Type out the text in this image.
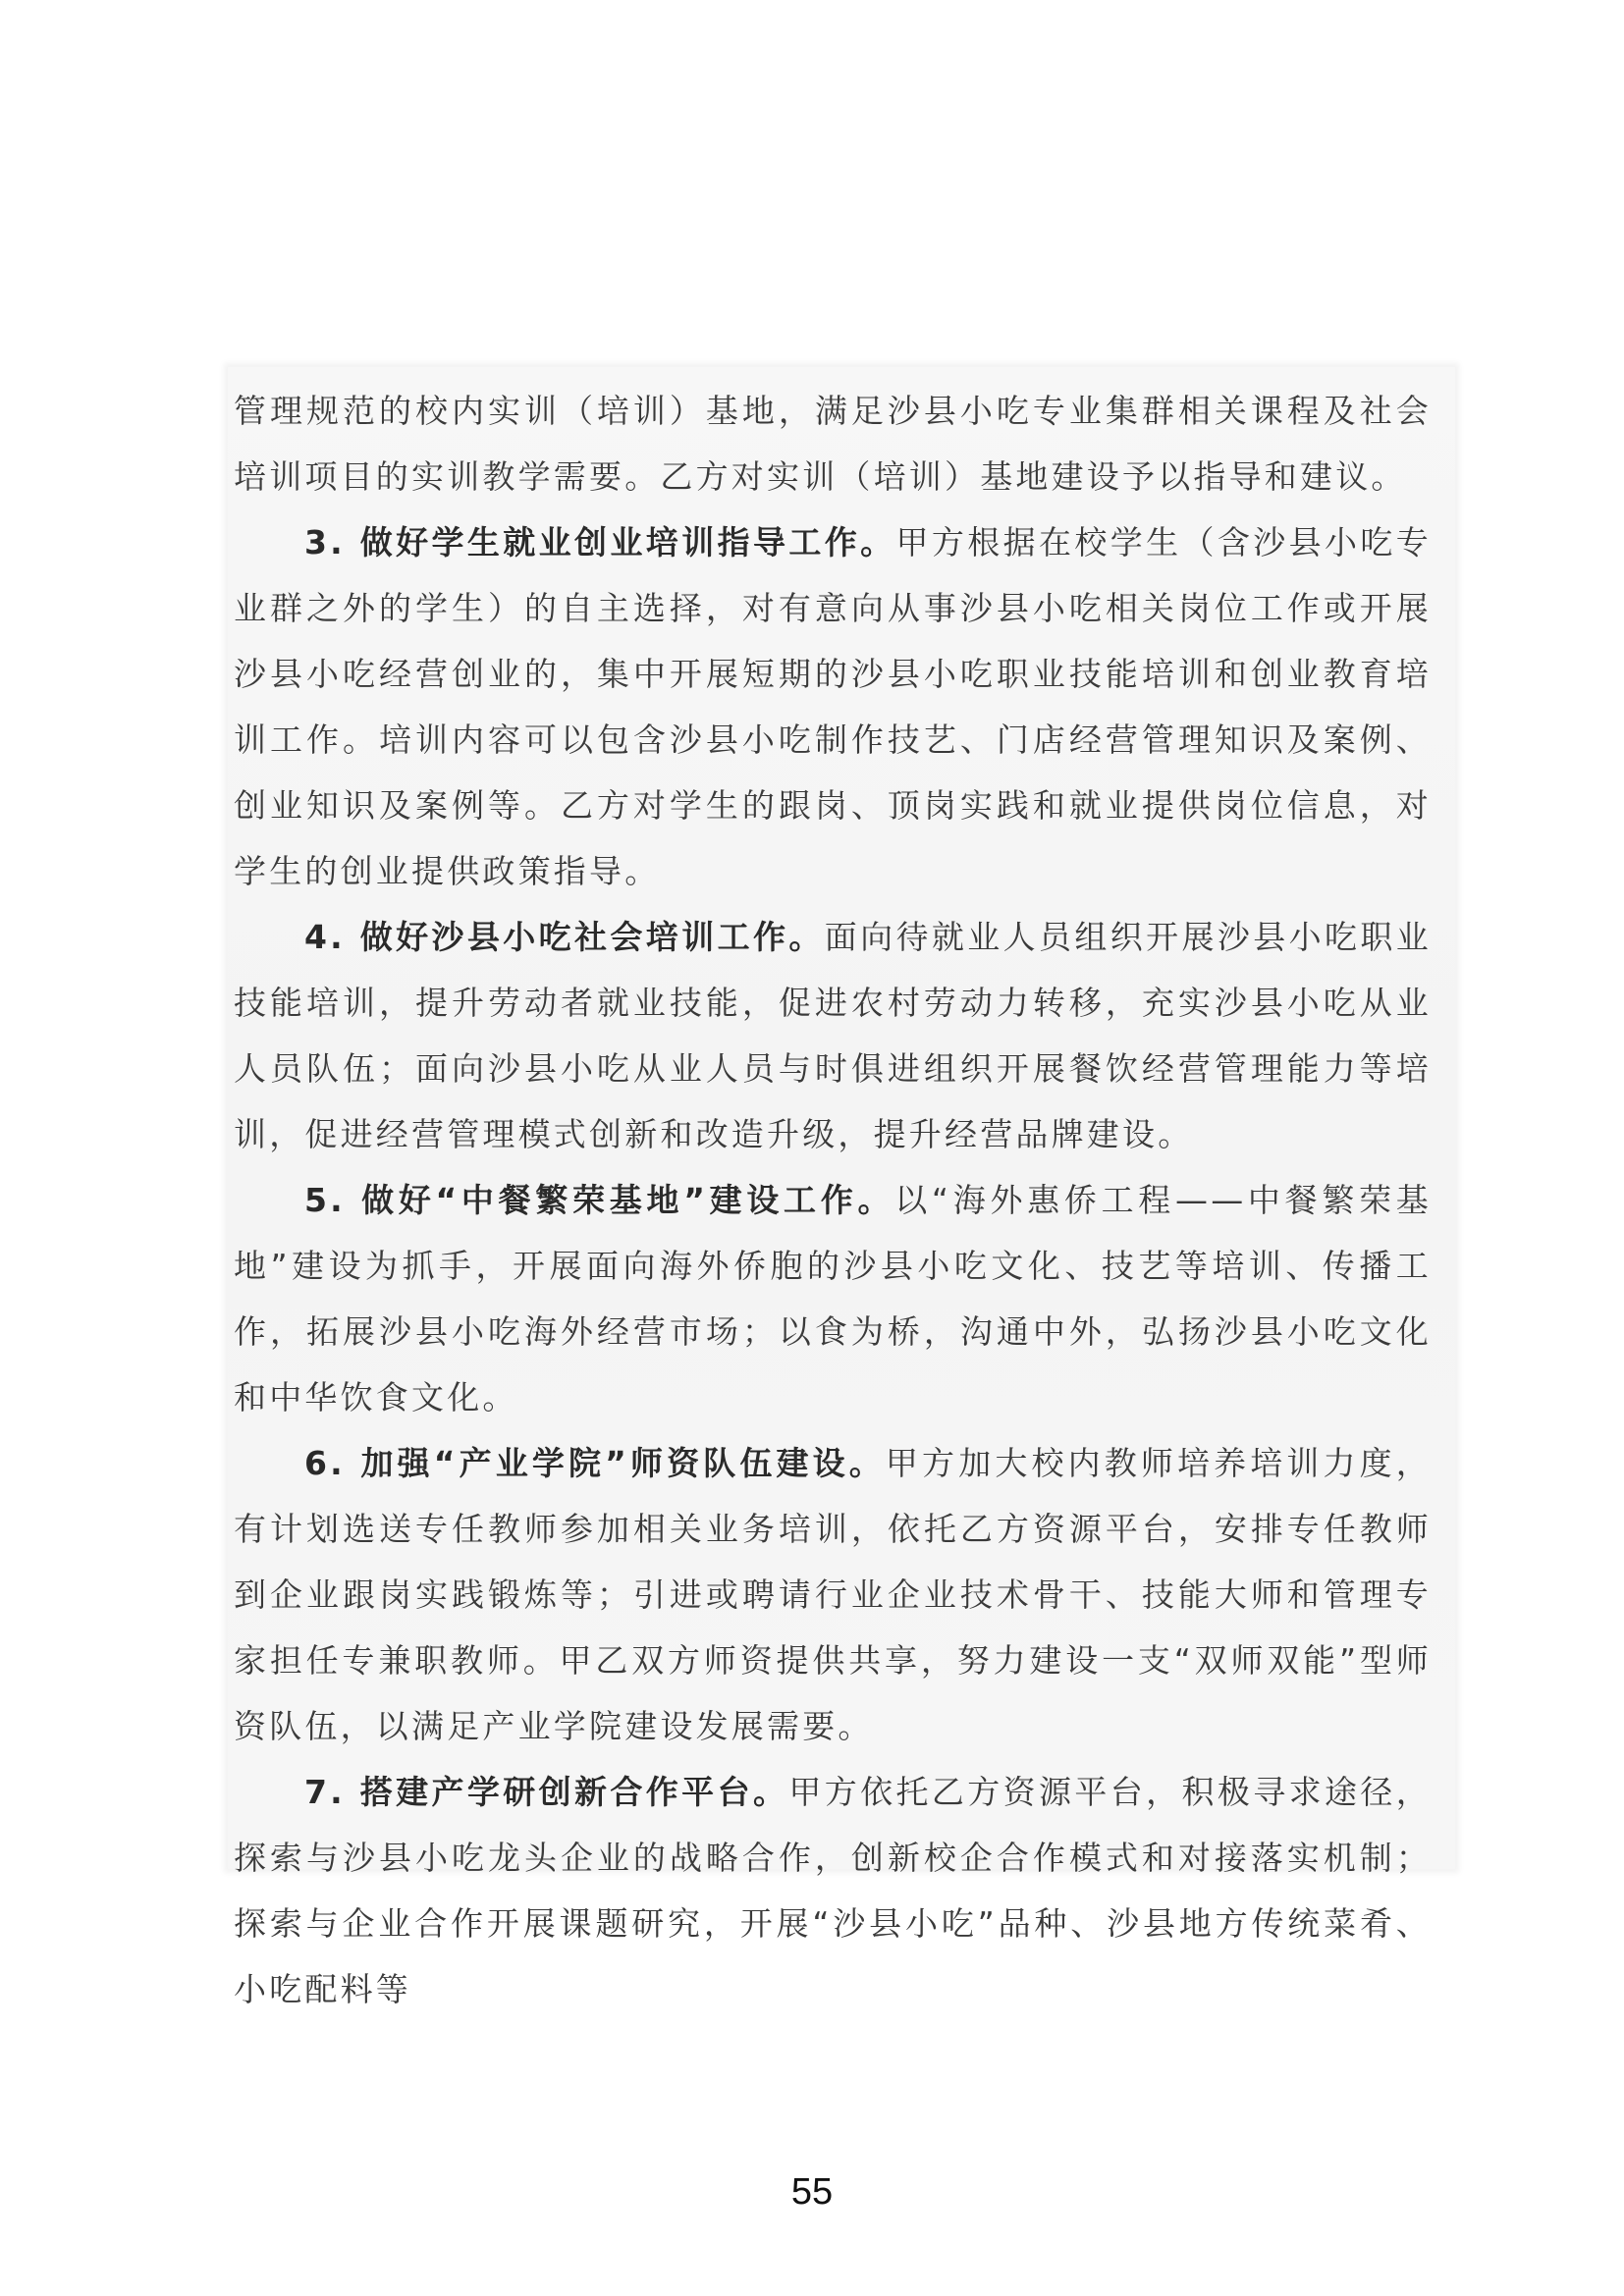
管理规范的校内实训（培训）基地，满足沙县小吃专业集群相关课程及社会培训项目的实训教学需要。乙方对实训（培训）基地建设予以指导和建议。

3. 做好学生就业创业培训指导工作。甲方根据在校学生（含沙县小吃专业群之外的学生）的自主选择，对有意向从事沙县小吃相关岗位工作或开展沙县小吃经营创业的，集中开展短期的沙县小吃职业技能培训和创业教育培训工作。培训内容可以包含沙县小吃制作技艺、门店经营管理知识及案例、创业知识及案例等。乙方对学生的跟岗、顶岗实践和就业提供岗位信息，对学生的创业提供政策指导。

4. 做好沙县小吃社会培训工作。面向待就业人员组织开展沙县小吃职业技能培训，提升劳动者就业技能，促进农村劳动力转移，充实沙县小吃从业人员队伍；面向沙县小吃从业人员与时俱进组织开展餐饮经营管理能力等培训，促进经营管理模式创新和改造升级，提升经营品牌建设。

5. 做好“中餐繁荣基地”建设工作。以“海外惠侨工程——中餐繁荣基地”建设为抓手，开展面向海外侨胞的沙县小吃文化、技艺等培训、传播工作，拓展沙县小吃海外经营市场；以食为桥，沟通中外，弘扬沙县小吃文化和中华饮食文化。

6. 加强“产业学院”师资队伍建设。甲方加大校内教师培养培训力度，有计划选送专任教师参加相关业务培训，依托乙方资源平台，安排专任教师到企业跟岗实践锻炼等；引进或聘请行业企业技术骨干、技能大师和管理专家担任专兼职教师。甲乙双方师资提供共享，努力建设一支“双师双能”型师资队伍，以满足产业学院建设发展需要。

7. 搭建产学研创新合作平台。甲方依托乙方资源平台，积极寻求途径，探索与沙县小吃龙头企业的战略合作，创新校企合作模式和对接落实机制； 探索与企业合作开展课题研究，开展“沙县小吃”品种、沙县地方传统菜肴、小吃配料等

55
